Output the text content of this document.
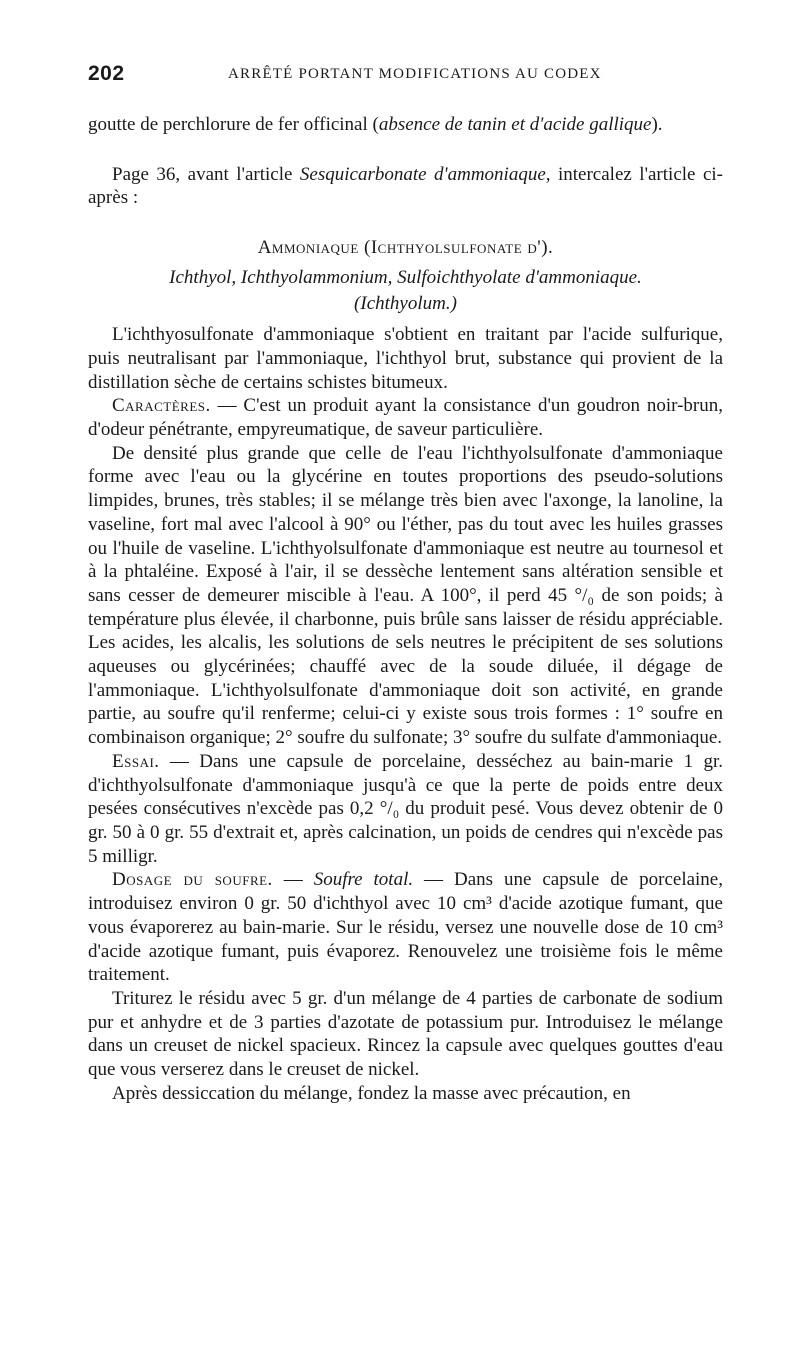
202	ARRÊTÉ PORTANT MODIFICATIONS AU CODEX

goutte de perchlorure de fer officinal (absence de tanin et d'acide gallique).

Page 36, avant l'article Sesquicarbonate d'ammoniaque, intercalez l'article ci-après :

Ammoniaque (Ichthyolsulfonate d').

Ichthyol, Ichthyolammonium, Sulfoichthyolate d'ammoniaque.

(Ichthyolum.)

L'ichthyosulfonate d'ammoniaque s'obtient en traitant par l'acide sulfurique, puis neutralisant par l'ammoniaque, l'ichthyol brut, substance qui provient de la distillation sèche de certains schistes bitumeux.

Caractères. — C'est un produit ayant la consistance d'un goudron noir-brun, d'odeur pénétrante, empyreumatique, de saveur particulière.

De densité plus grande que celle de l'eau l'ichthyolsulfonate d'ammoniaque forme avec l'eau ou la glycérine en toutes proportions des pseudo-solutions limpides, brunes, très stables; il se mélange très bien avec l'axonge, la lanoline, la vaseline, fort mal avec l'alcool à 90° ou l'éther, pas du tout avec les huiles grasses ou l'huile de vaseline. L'ichthyolsulfonate d'ammoniaque est neutre au tournesol et à la phtaléine. Exposé à l'air, il se dessèche lentement sans altération sensible et sans cesser de demeurer miscible à l'eau. A 100°, il perd 45 °/₀ de son poids; à température plus élevée, il charbonne, puis brûle sans laisser de résidu appréciable. Les acides, les alcalis, les solutions de sels neutres le précipitent de ses solutions aqueuses ou glycérinées; chauffé avec de la soude diluée, il dégage de l'ammoniaque. L'ichthyolsulfonate d'ammoniaque doit son activité, en grande partie, au soufre qu'il renferme; celui-ci y existe sous trois formes : 1° soufre en combinaison organique; 2° soufre du sulfonate; 3° soufre du sulfate d'ammoniaque.

Essai. — Dans une capsule de porcelaine, desséchez au bain-marie 1 gr. d'ichthyolsulfonate d'ammoniaque jusqu'à ce que la perte de poids entre deux pesées consécutives n'excède pas 0,2 °/₀ du produit pesé. Vous devez obtenir de 0 gr. 50 à 0 gr. 55 d'extrait et, après calcination, un poids de cendres qui n'excède pas 5 milligr.

Dosage du soufre. — Soufre total. — Dans une capsule de porcelaine, introduisez environ 0 gr. 50 d'ichthyol avec 10 cm³ d'acide azotique fumant, que vous évaporerez au bain-marie. Sur le résidu, versez une nouvelle dose de 10 cm³ d'acide azotique fumant, puis évaporez. Renouvelez une troisième fois le même traitement.

Triturez le résidu avec 5 gr. d'un mélange de 4 parties de carbonate de sodium pur et anhydre et de 3 parties d'azotate de potassium pur. Introduisez le mélange dans un creuset de nickel spacieux. Rincez la capsule avec quelques gouttes d'eau que vous verserez dans le creuset de nickel.

Après dessiccation du mélange, fondez la masse avec précaution, en
